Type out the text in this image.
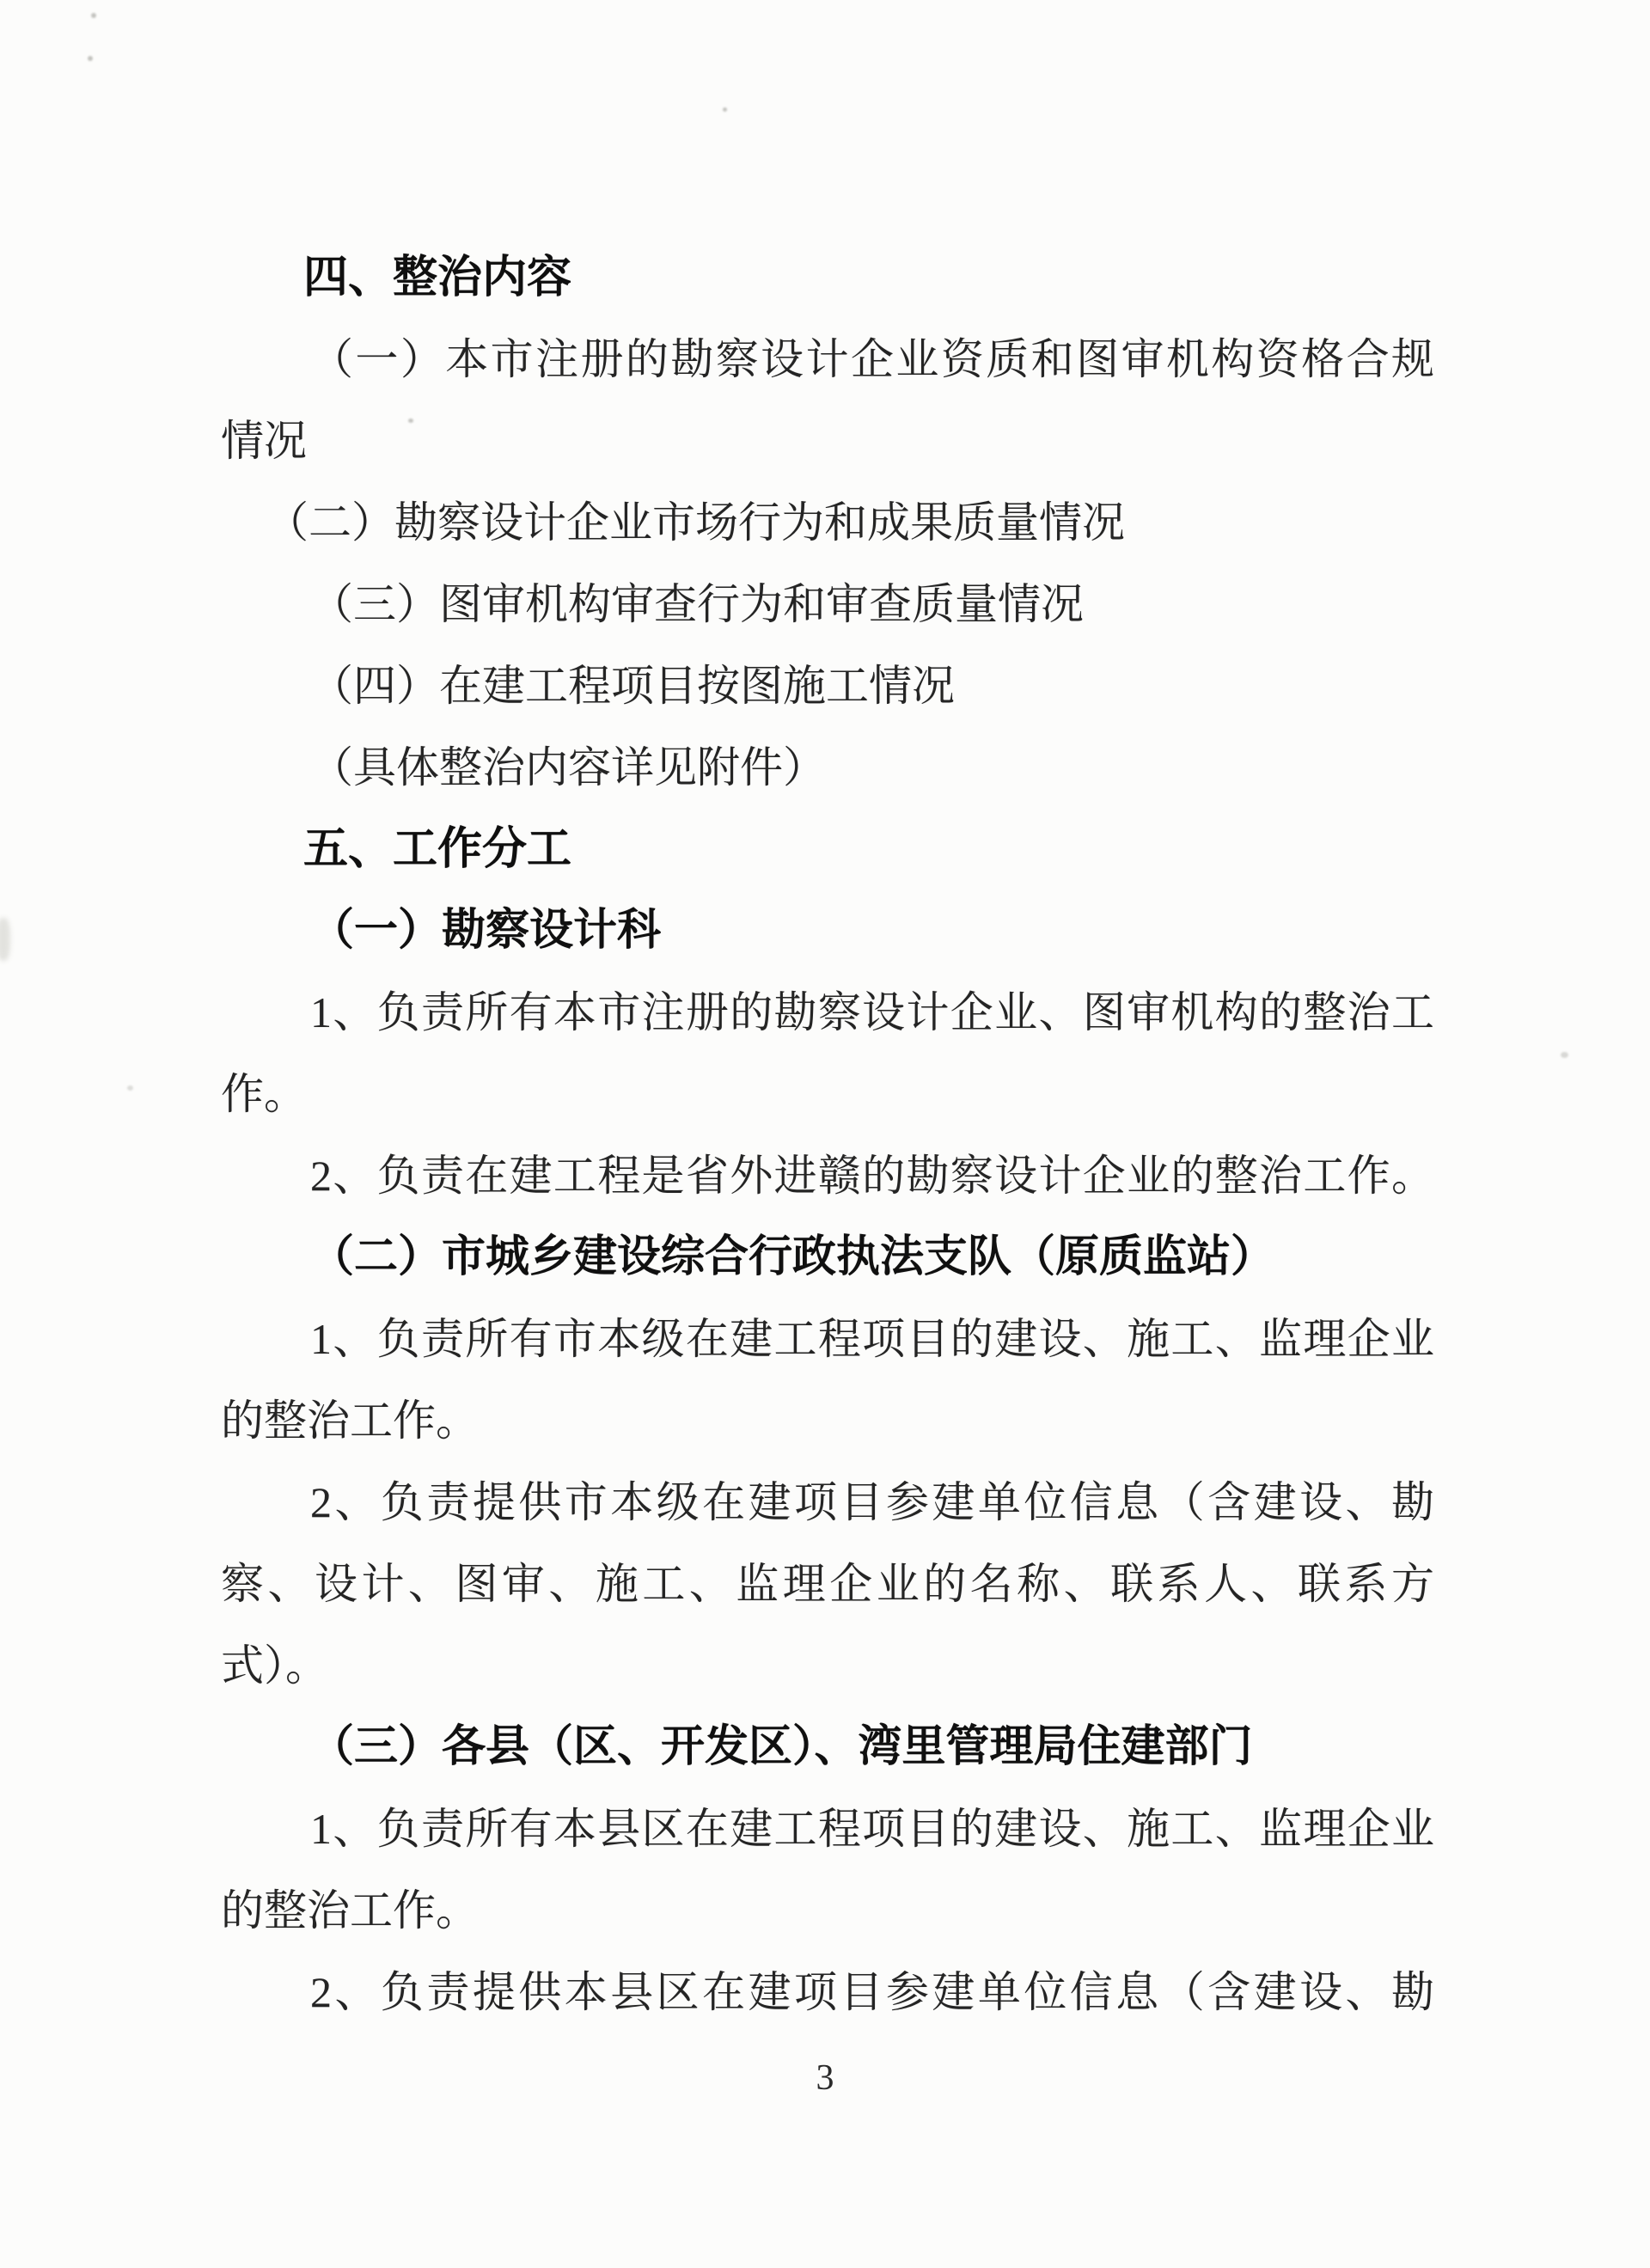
四、整治内容
（一）本市注册的勘察设计企业资质和图审机构资格合规
情况
（二）勘察设计企业市场行为和成果质量情况
（三）图审机构审查行为和审查质量情况
（四）在建工程项目按图施工情况
（具体整治内容详见附件）
五、工作分工
（一）勘察设计科
1、负责所有本市注册的勘察设计企业、图审机构的整治工
作。
2、负责在建工程是省外进赣的勘察设计企业的整治工作。
（二）市城乡建设综合行政执法支队（原质监站）
1、负责所有市本级在建工程项目的建设、施工、监理企业
的整治工作。
2、负责提供市本级在建项目参建单位信息（含建设、勘
察、设计、图审、施工、监理企业的名称、联系人、联系方
式）。
（三）各县（区、开发区）、湾里管理局住建部门
1、负责所有本县区在建工程项目的建设、施工、监理企业
的整治工作。
2、负责提供本县区在建项目参建单位信息（含建设、勘
3
